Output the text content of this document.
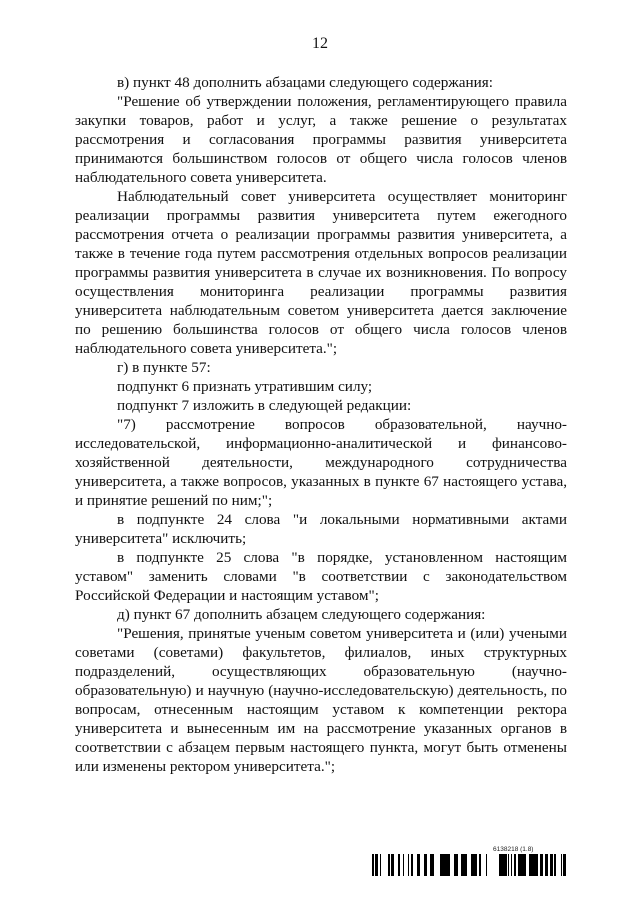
12

в) пункт 48 дополнить абзацами следующего содержания:

"Решение об утверждении положения, регламентирующего правила закупки товаров, работ и услуг, а также решение о результатах рассмотрения и согласования программы развития университета принимаются большинством голосов от общего числа голосов членов наблюдательного совета университета.

Наблюдательный совет университета осуществляет мониторинг реализации программы развития университета путем ежегодного рассмотрения отчета о реализации программы развития университета, а также в течение года путем рассмотрения отдельных вопросов реализации программы развития университета в случае их возникновения. По вопросу осуществления мониторинга реализации программы развития университета наблюдательным советом университета дается заключение по решению большинства голосов от общего числа голосов членов наблюдательного совета университета.";

г) в пункте 57:

подпункт 6 признать утратившим силу;

подпункт 7 изложить в следующей редакции:

"7) рассмотрение вопросов образовательной, научно-исследовательской, информационно-аналитической и финансово-хозяйственной деятельности, международного сотрудничества университета, а также вопросов, указанных в пункте 67 настоящего устава, и принятие решений по ним;";

в подпункте 24 слова "и локальными нормативными актами университета" исключить;

в подпункте 25 слова "в порядке, установленном настоящим уставом" заменить словами "в соответствии с законодательством Российской Федерации и настоящим уставом";

д) пункт 67 дополнить абзацем следующего содержания:

"Решения, принятые ученым советом университета и (или) учеными советами (советами) факультетов, филиалов, иных структурных подразделений, осуществляющих образовательную (научно-образовательную) и научную (научно-исследовательскую) деятельность, по вопросам, отнесенным настоящим уставом к компетенции ректора университета и вынесенным им на рассмотрение указанных органов в соответствии с абзацем первым настоящего пункта, могут быть отменены или изменены ректором университета.";

6138218 (1.8)
